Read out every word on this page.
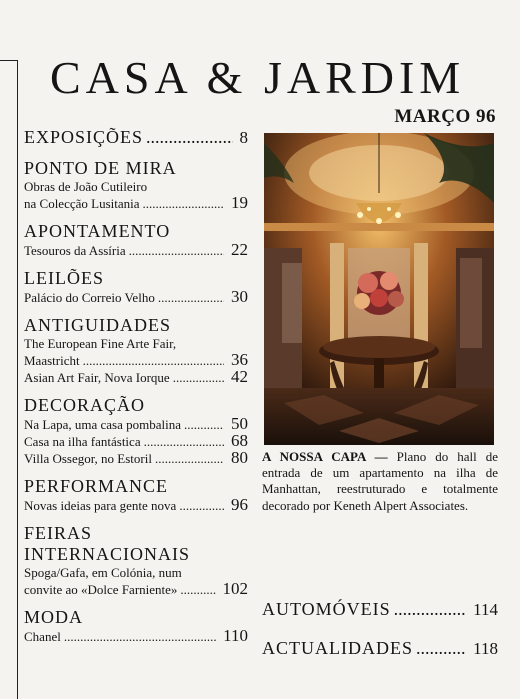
CASA & JARDIM
MARÇO 96
EXPOSIÇÕES .....	8
PONTO DE MIRA
Obras de João Cutileiro
na Colecção Lusitania .....	19
APONTAMENTO
Tesouros da Assíria .....	22
LEILÕES
Palácio do Correio Velho .....	30
ANTIGUIDADES
The European Fine Arte Fair,
Maastricht .....	36
Asian Art Fair, Nova Iorque .....	42
DECORAÇÃO
Na Lapa, uma casa pombalina .....	50
Casa na ilha fantástica .....	68
Villa Ossegor, no Estoril .....	80
PERFORMANCE
Novas ideias para gente nova .....	96
FEIRAS INTERNACIONAIS
Spoga/Gafa, em Colónia, num
convite ao «Dolce Farniente» .....	102
MODA
Chanel .....	110
A NOSSA CAPA — Plano do hall de entrada de um apartamento na ilha de Manhattan, reestruturado e totalmente decorado por Keneth Alpert Associates.
AUTOMÓVEIS .....	114
ACTUALIDADES .....	118
